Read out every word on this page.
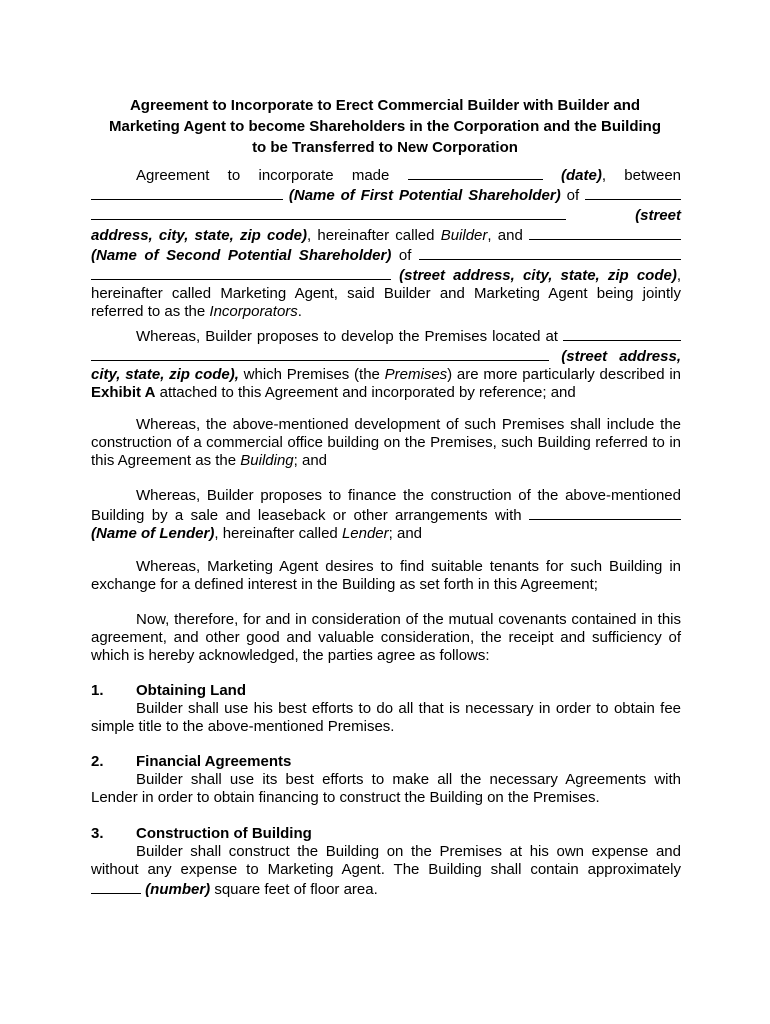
Agreement to Incorporate to Erect Commercial Builder with Builder and
Marketing Agent to become Shareholders in the Corporation and the Building
to be Transferred to New Corporation

Agreement to incorporate made	(date), between  (Name of First Potential Shareholder) of   (street address, city, state, zip code), hereinafter called Builder, and  (Name of Second Potential Shareholder) of   (street address, city, state, zip code), hereinafter called Marketing Agent, said Builder and Marketing Agent being jointly referred to as the Incorporators.

Whereas, Builder proposes to develop the Premises located at   (street address, city, state, zip code), which Premises (the Premises) are more particularly described in Exhibit A attached to this Agreement and incorporated by reference; and

Whereas, the above-mentioned development of such Premises shall include the construction of a commercial office building on the Premises, such Building referred to in this Agreement as the Building; and

Whereas, Builder proposes to finance the construction of the above-mentioned Building by a sale and leaseback or other arrangements with  (Name of Lender), hereinafter called Lender; and

Whereas, Marketing Agent desires to find suitable tenants for such Building in exchange for a defined interest in the Building as set forth in this Agreement;

Now, therefore, for and in consideration of the mutual covenants contained in this agreement, and other good and valuable consideration, the receipt and sufficiency of which is hereby acknowledged, the parties agree as follows:

1. Obtaining Land

Builder shall use his best efforts to do all that is necessary in order to obtain fee simple title to the above-mentioned Premises.

2. Financial Agreements

Builder shall use its best efforts to make all the necessary Agreements with Lender in order to obtain financing to construct the Building on the Premises.

3. Construction of Building

Builder shall construct the Building on the Premises at his own expense and without any expense to Marketing Agent. The Building shall contain approximately  (number) square feet of floor area.
